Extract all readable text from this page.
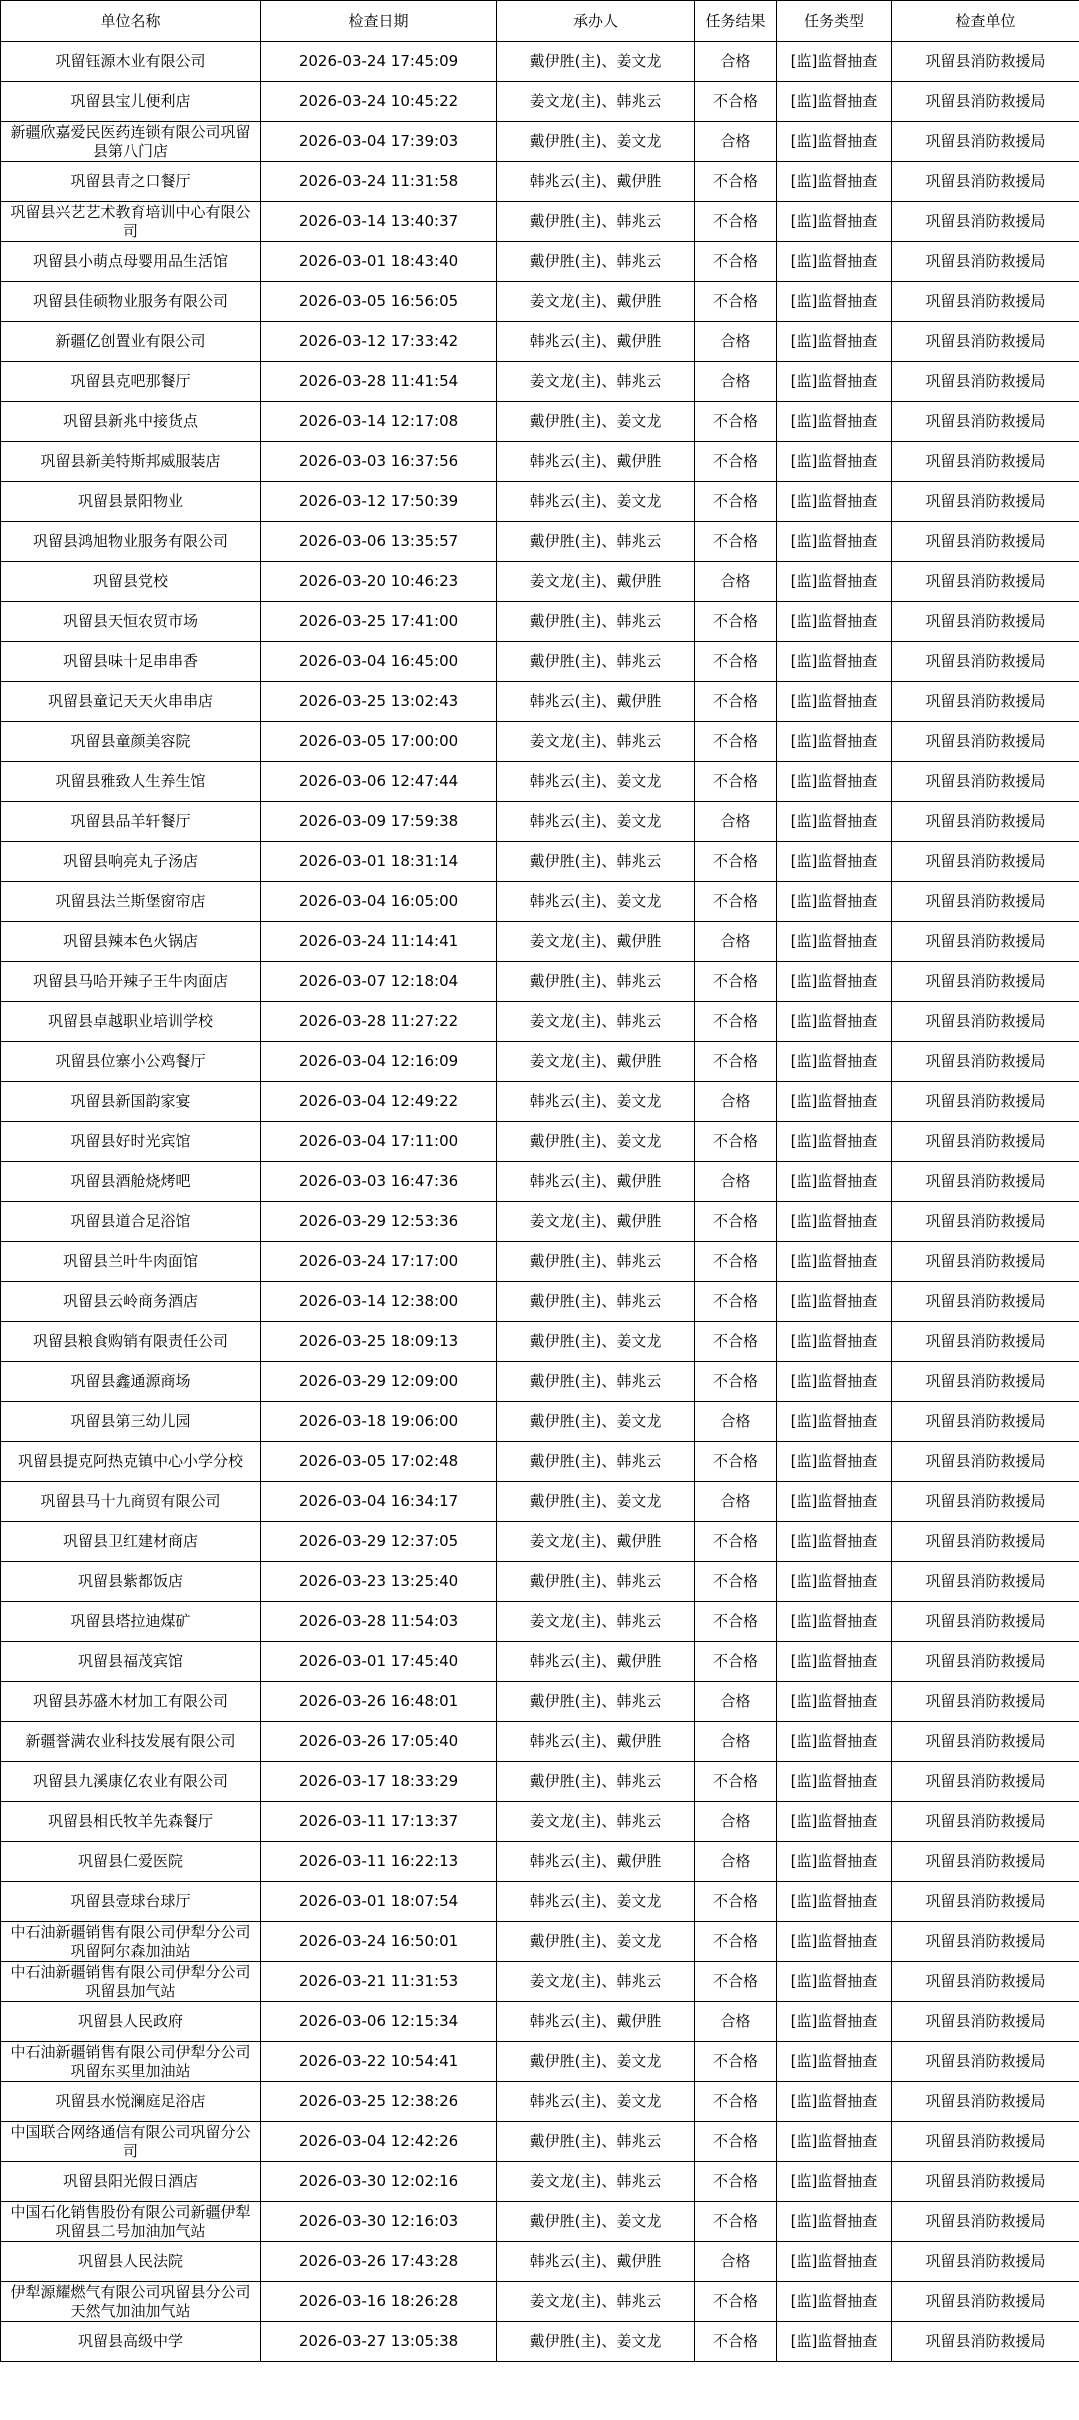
单位名称	检查日期	承办人	任务结果	任务类型	检查单位
巩留钰源木业有限公司	2026-03-24 17:45:09	戴伊胜(主)、姜文龙	合格	[监]监督抽查	巩留县消防救援局
巩留县宝儿便利店	2026-03-24 10:45:22	姜文龙(主)、韩兆云	不合格	[监]监督抽查	巩留县消防救援局
新疆欣嘉爱民医药连锁有限公司巩留县第八门店	2026-03-04 17:39:03	戴伊胜(主)、姜文龙	合格	[监]监督抽查	巩留县消防救援局
巩留县青之口餐厅	2026-03-24 11:31:58	韩兆云(主)、戴伊胜	不合格	[监]监督抽查	巩留县消防救援局
巩留县兴艺艺术教育培训中心有限公司	2026-03-14 13:40:37	戴伊胜(主)、韩兆云	不合格	[监]监督抽查	巩留县消防救援局
巩留县小萌点母婴用品生活馆	2026-03-01 18:43:40	戴伊胜(主)、韩兆云	不合格	[监]监督抽查	巩留县消防救援局
巩留县佳硕物业服务有限公司	2026-03-05 16:56:05	姜文龙(主)、戴伊胜	不合格	[监]监督抽查	巩留县消防救援局
新疆亿创置业有限公司	2026-03-12 17:33:42	韩兆云(主)、戴伊胜	合格	[监]监督抽查	巩留县消防救援局
巩留县克吧那餐厅	2026-03-28 11:41:54	姜文龙(主)、韩兆云	合格	[监]监督抽查	巩留县消防救援局
巩留县新兆中接货点	2026-03-14 12:17:08	戴伊胜(主)、姜文龙	不合格	[监]监督抽查	巩留县消防救援局
巩留县新美特斯邦威服装店	2026-03-03 16:37:56	韩兆云(主)、戴伊胜	不合格	[监]监督抽查	巩留县消防救援局
巩留县景阳物业	2026-03-12 17:50:39	韩兆云(主)、姜文龙	不合格	[监]监督抽查	巩留县消防救援局
巩留县鸿旭物业服务有限公司	2026-03-06 13:35:57	戴伊胜(主)、韩兆云	不合格	[监]监督抽查	巩留县消防救援局
巩留县党校	2026-03-20 10:46:23	姜文龙(主)、戴伊胜	合格	[监]监督抽查	巩留县消防救援局
巩留县天恒农贸市场	2026-03-25 17:41:00	戴伊胜(主)、韩兆云	不合格	[监]监督抽查	巩留县消防救援局
巩留县味十足串串香	2026-03-04 16:45:00	戴伊胜(主)、韩兆云	不合格	[监]监督抽查	巩留县消防救援局
巩留县童记天天火串串店	2026-03-25 13:02:43	韩兆云(主)、戴伊胜	不合格	[监]监督抽查	巩留县消防救援局
巩留县童颜美容院	2026-03-05 17:00:00	姜文龙(主)、韩兆云	不合格	[监]监督抽查	巩留县消防救援局
巩留县雅致人生养生馆	2026-03-06 12:47:44	韩兆云(主)、姜文龙	不合格	[监]监督抽查	巩留县消防救援局
巩留县品羊轩餐厅	2026-03-09 17:59:38	韩兆云(主)、姜文龙	合格	[监]监督抽查	巩留县消防救援局
巩留县响亮丸子汤店	2026-03-01 18:31:14	戴伊胜(主)、韩兆云	不合格	[监]监督抽查	巩留县消防救援局
巩留县法兰斯堡窗帘店	2026-03-04 16:05:00	韩兆云(主)、姜文龙	不合格	[监]监督抽查	巩留县消防救援局
巩留县辣本色火锅店	2026-03-24 11:14:41	姜文龙(主)、戴伊胜	合格	[监]监督抽查	巩留县消防救援局
巩留县马哈开辣子王牛肉面店	2026-03-07 12:18:04	戴伊胜(主)、韩兆云	不合格	[监]监督抽查	巩留县消防救援局
巩留县卓越职业培训学校	2026-03-28 11:27:22	姜文龙(主)、韩兆云	不合格	[监]监督抽查	巩留县消防救援局
巩留县位寨小公鸡餐厅	2026-03-04 12:16:09	姜文龙(主)、戴伊胜	不合格	[监]监督抽查	巩留县消防救援局
巩留县新国韵家宴	2026-03-04 12:49:22	韩兆云(主)、姜文龙	合格	[监]监督抽查	巩留县消防救援局
巩留县好时光宾馆	2026-03-04 17:11:00	戴伊胜(主)、姜文龙	不合格	[监]监督抽查	巩留县消防救援局
巩留县酒舱烧烤吧	2026-03-03 16:47:36	韩兆云(主)、戴伊胜	合格	[监]监督抽查	巩留县消防救援局
巩留县道合足浴馆	2026-03-29 12:53:36	姜文龙(主)、戴伊胜	不合格	[监]监督抽查	巩留县消防救援局
巩留县兰叶牛肉面馆	2026-03-24 17:17:00	戴伊胜(主)、韩兆云	不合格	[监]监督抽查	巩留县消防救援局
巩留县云岭商务酒店	2026-03-14 12:38:00	戴伊胜(主)、韩兆云	不合格	[监]监督抽查	巩留县消防救援局
巩留县粮食购销有限责任公司	2026-03-25 18:09:13	戴伊胜(主)、姜文龙	不合格	[监]监督抽查	巩留县消防救援局
巩留县鑫通源商场	2026-03-29 12:09:00	戴伊胜(主)、韩兆云	不合格	[监]监督抽查	巩留县消防救援局
巩留县第三幼儿园	2026-03-18 19:06:00	戴伊胜(主)、姜文龙	合格	[监]监督抽查	巩留县消防救援局
巩留县提克阿热克镇中心小学分校	2026-03-05 17:02:48	戴伊胜(主)、韩兆云	不合格	[监]监督抽查	巩留县消防救援局
巩留县马十九商贸有限公司	2026-03-04 16:34:17	戴伊胜(主)、姜文龙	合格	[监]监督抽查	巩留县消防救援局
巩留县卫红建材商店	2026-03-29 12:37:05	姜文龙(主)、戴伊胜	不合格	[监]监督抽查	巩留县消防救援局
巩留县紫都饭店	2026-03-23 13:25:40	戴伊胜(主)、韩兆云	不合格	[监]监督抽查	巩留县消防救援局
巩留县塔拉迪煤矿	2026-03-28 11:54:03	姜文龙(主)、韩兆云	不合格	[监]监督抽查	巩留县消防救援局
巩留县福茂宾馆	2026-03-01 17:45:40	韩兆云(主)、戴伊胜	不合格	[监]监督抽查	巩留县消防救援局
巩留县苏盛木材加工有限公司	2026-03-26 16:48:01	戴伊胜(主)、韩兆云	合格	[监]监督抽查	巩留县消防救援局
新疆誉满农业科技发展有限公司	2026-03-26 17:05:40	韩兆云(主)、戴伊胜	合格	[监]监督抽查	巩留县消防救援局
巩留县九溪康亿农业有限公司	2026-03-17 18:33:29	戴伊胜(主)、韩兆云	不合格	[监]监督抽查	巩留县消防救援局
巩留县相氏牧羊先森餐厅	2026-03-11 17:13:37	姜文龙(主)、韩兆云	合格	[监]监督抽查	巩留县消防救援局
巩留县仁爱医院	2026-03-11 16:22:13	韩兆云(主)、戴伊胜	合格	[监]监督抽查	巩留县消防救援局
巩留县壹球台球厅	2026-03-01 18:07:54	韩兆云(主)、姜文龙	不合格	[监]监督抽查	巩留县消防救援局
中石油新疆销售有限公司伊犁分公司巩留阿尔森加油站	2026-03-24 16:50:01	戴伊胜(主)、姜文龙	不合格	[监]监督抽查	巩留县消防救援局
中石油新疆销售有限公司伊犁分公司巩留县加气站	2026-03-21 11:31:53	姜文龙(主)、韩兆云	不合格	[监]监督抽查	巩留县消防救援局
巩留县人民政府	2026-03-06 12:15:34	韩兆云(主)、戴伊胜	合格	[监]监督抽查	巩留县消防救援局
中石油新疆销售有限公司伊犁分公司巩留东买里加油站	2026-03-22 10:54:41	戴伊胜(主)、姜文龙	不合格	[监]监督抽查	巩留县消防救援局
巩留县水悦澜庭足浴店	2026-03-25 12:38:26	韩兆云(主)、姜文龙	不合格	[监]监督抽查	巩留县消防救援局
中国联合网络通信有限公司巩留分公司	2026-03-04 12:42:26	戴伊胜(主)、韩兆云	不合格	[监]监督抽查	巩留县消防救援局
巩留县阳光假日酒店	2026-03-30 12:02:16	姜文龙(主)、韩兆云	不合格	[监]监督抽查	巩留县消防救援局
中国石化销售股份有限公司新疆伊犁巩留县二号加油加气站	2026-03-30 12:16:03	戴伊胜(主)、姜文龙	不合格	[监]监督抽查	巩留县消防救援局
巩留县人民法院	2026-03-26 17:43:28	韩兆云(主)、戴伊胜	合格	[监]监督抽查	巩留县消防救援局
伊犁源耀燃气有限公司巩留县分公司天然气加油加气站	2026-03-16 18:26:28	姜文龙(主)、韩兆云	不合格	[监]监督抽查	巩留县消防救援局
巩留县高级中学	2026-03-27 13:05:38	戴伊胜(主)、姜文龙	不合格	[监]监督抽查	巩留县消防救援局
